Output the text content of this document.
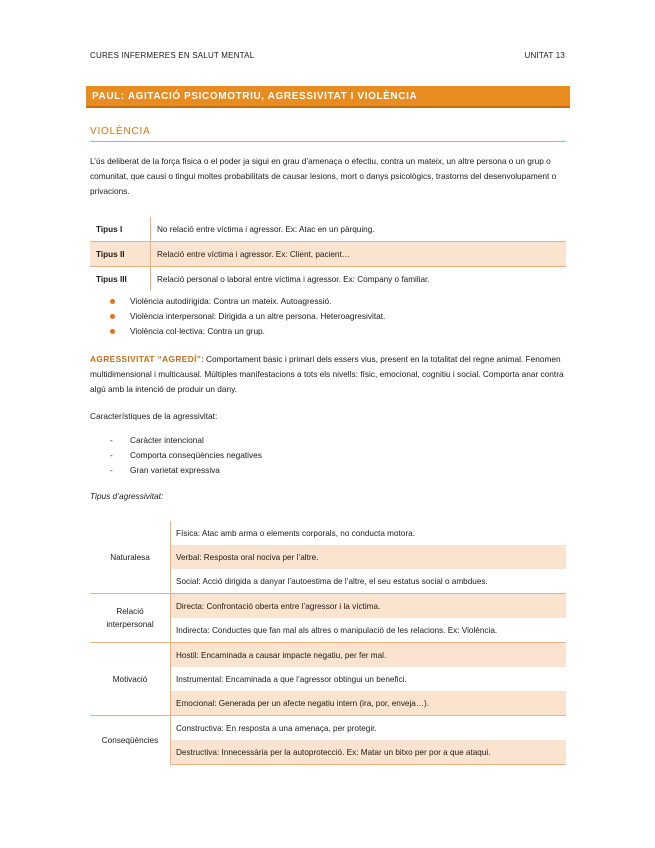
CURES INFERMERES EN SALUT MENTAL	UNITAT 13
PAUL: AGITACIÓ PSICOMOTRIU, AGRESSIVITAT I VIOLÈNCIA
VIOLÈNCIA
L’ús deliberat de la força física o el poder ja sigui en grau d’amenaça o efectiu, contra un mateix, un altre persona o un grup o comunitat, que causi o tingui moltes probabilitats de causar lesions, mort o danys psicològics, trastorns del desenvolupament o privacions.
Tipus I	No relació entre víctima i agressor. Ex: Atac en un pàrquing.
Tipus II	Relació entre víctima i agressor. Ex: Client, pacient…
Tipus III	Relació personal o laboral entre víctima i agressor. Ex: Company o familiar.
Violència autodirigida: Contra un mateix. Autoagressió.
Violència interpersonal: Dirigida a un altre persona. Heteroagresivitat.
Violència col·lectiva: Contra un grup.
AGRESSIVITAT “AGREDÍ”: Comportament basic i primari dels essers vius, present en la totalitat del regne animal. Fenomen multidimensional i multicausal. Múltiples manifestacions a tots els nivells: físic, emocional, cognitiu i social. Comporta anar contra algú amb la intenció de produir un dany.
Característiques de la agressivitat:
- Caràcter intencional
- Comporta conseqüències negatives
- Gran varietat expressiva
Tipus d’agressivitat:
Naturalesa	Física: Atac amb arma o elements corporals, no conducta motora.
	Verbal: Resposta oral nociva per l’altre.
	Social: Acció dirigida a danyar l’autoestima de l’altre, el seu estatus social o ambdues.
Relació interpersonal	Directa: Confrontació oberta entre l’agressor i la víctima.
	Indirecta: Conductes que fan mal als altres o manipulació de les relacions. Ex: Violència.
Motivació	Hostil: Encaminada a causar impacte negatiu, per fer mal.
	Instrumental: Encaminada a que l’agressor obtingui un benefici.
	Emocional: Generada per un afecte negatiu intern (ira, por, enveja…).
Conseqüències	Constructiva: En resposta a una amenaça, per protegir.
	Destructiva: Innecessària per la autoprotecció. Ex: Matar un bitxo per por a que ataqui.
